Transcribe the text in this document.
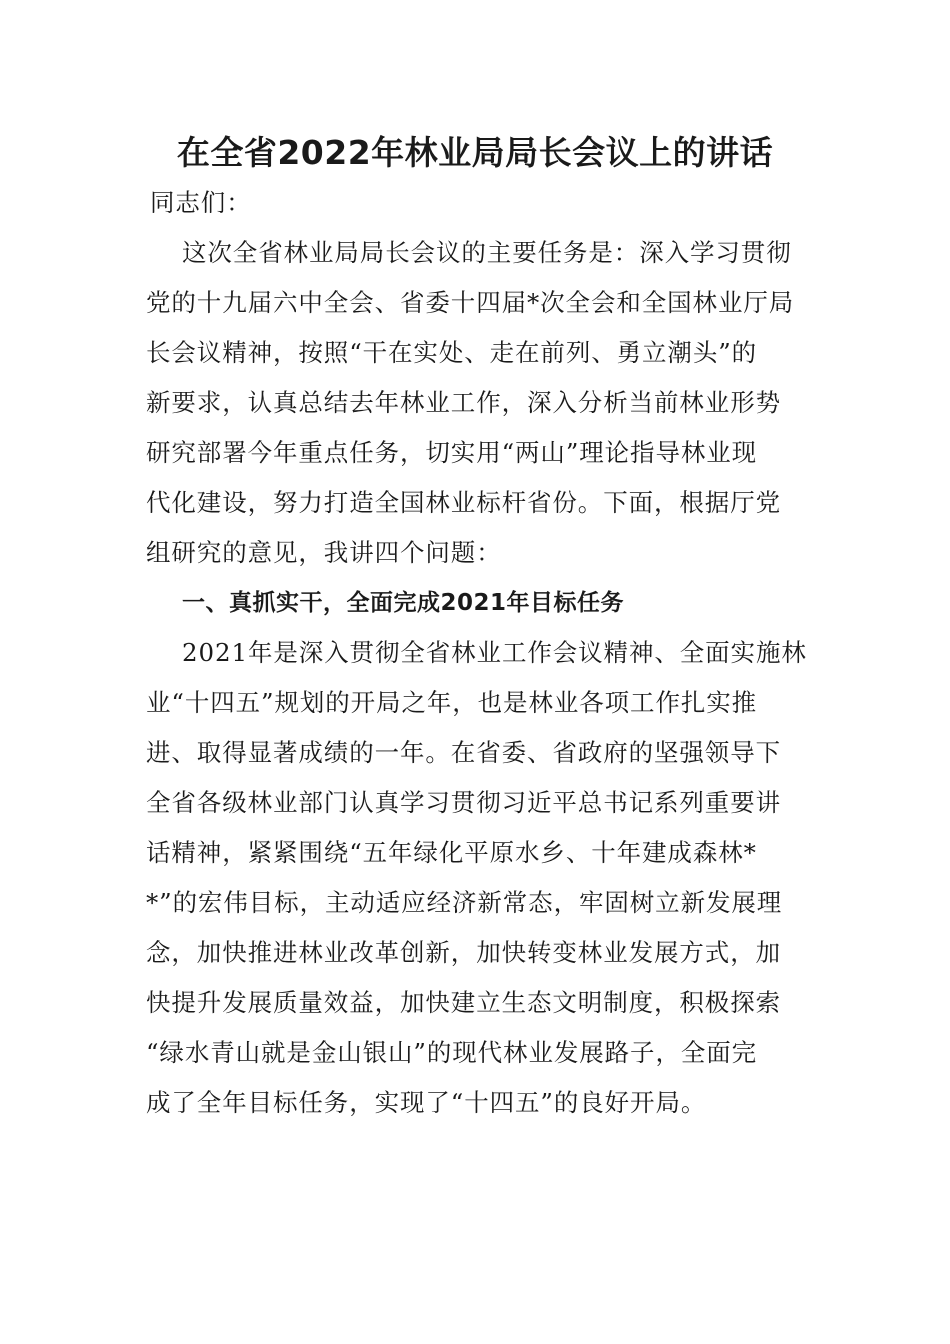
在全省2022年林业局局长会议上的讲话
同志们：
这次全省林业局局长会议的主要任务是：深入学习贯彻
党的十九届六中全会、省委十四届*次全会和全国林业厅局
长会议精神，按照“干在实处、走在前列、勇立潮头”的
新要求，认真总结去年林业工作，深入分析当前林业形势
研究部署今年重点任务，切实用“两山”理论指导林业现
代化建设，努力打造全国林业标杆省份。下面，根据厅党
组研究的意见，我讲四个问题：
一、真抓实干，全面完成2021年目标任务
2021年是深入贯彻全省林业工作会议精神、全面实施林
业“十四五”规划的开局之年，也是林业各项工作扎实推
进、取得显著成绩的一年。在省委、省政府的坚强领导下
全省各级林业部门认真学习贯彻习近平总书记系列重要讲
话精神，紧紧围绕“五年绿化平原水乡、十年建成森林*
*”的宏伟目标，主动适应经济新常态，牢固树立新发展理
念，加快推进林业改革创新，加快转变林业发展方式，加
快提升发展质量效益，加快建立生态文明制度，积极探索
“绿水青山就是金山银山”的现代林业发展路子，全面完
成了全年目标任务，实现了“十四五”的良好开局。
